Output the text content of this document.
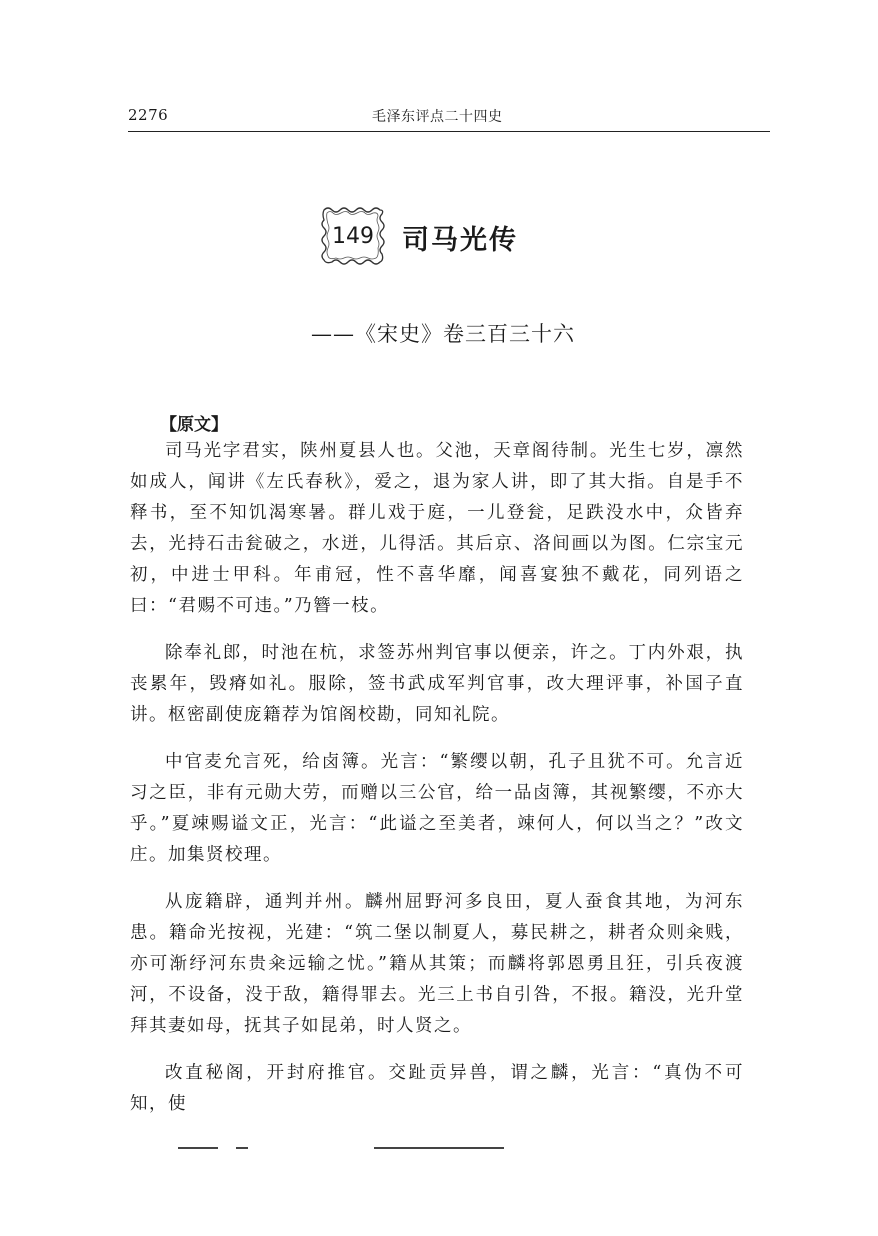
2276	毛泽东评点二十四史
149	司马光传
——《宋史》卷三百三十六
【原文】

司马光字君实，陕州夏县人也。父池，天章阁待制。光生七岁，凛然如成人，闻讲《左氏春秋》，爱之，退为家人讲，即了其大指。自是手不释书，至不知饥渴寒暑。群儿戏于庭，一儿登瓮，足跌没水中，众皆弃去，光持石击瓮破之，水迸，儿得活。其后京、洛间画以为图。仁宗宝元初，中进士甲科。年甫冠，性不喜华靡，闻喜宴独不戴花，同列语之曰：“君赐不可违。”乃簪一枝。

除奉礼郎，时池在杭，求签苏州判官事以便亲，许之。丁内外艰，执丧累年，毁瘠如礼。服除，签书武成军判官事，改大理评事，补国子直讲。枢密副使庞籍荐为馆阁校勘，同知礼院。

中官麦允言死，给卤簿。光言：“繁缨以朝，孔子且犹不可。允言近习之臣，非有元勋大劳，而赠以三公官，给一品卤簿，其视繁缨，不亦大乎。”夏竦赐谥文正，光言：“此谥之至美者，竦何人，何以当之？”改文庄。加集贤校理。

从庞籍辟，通判并州。麟州屈野河多良田，夏人蚕食其地，为河东患。籍命光按视，光建：“筑二堡以制夏人，募民耕之，耕者众则籴贱，亦可渐纾河东贵籴远输之忧。”籍从其策；而麟将郭恩勇且狂，引兵夜渡河，不设备，没于敌，籍得罪去。光三上书自引咎，不报。籍没，光升堂拜其妻如母，抚其子如昆弟，时人贤之。

改直秘阁，开封府推官。交趾贡异兽，谓之麟，光言：“真伪不可知，使
